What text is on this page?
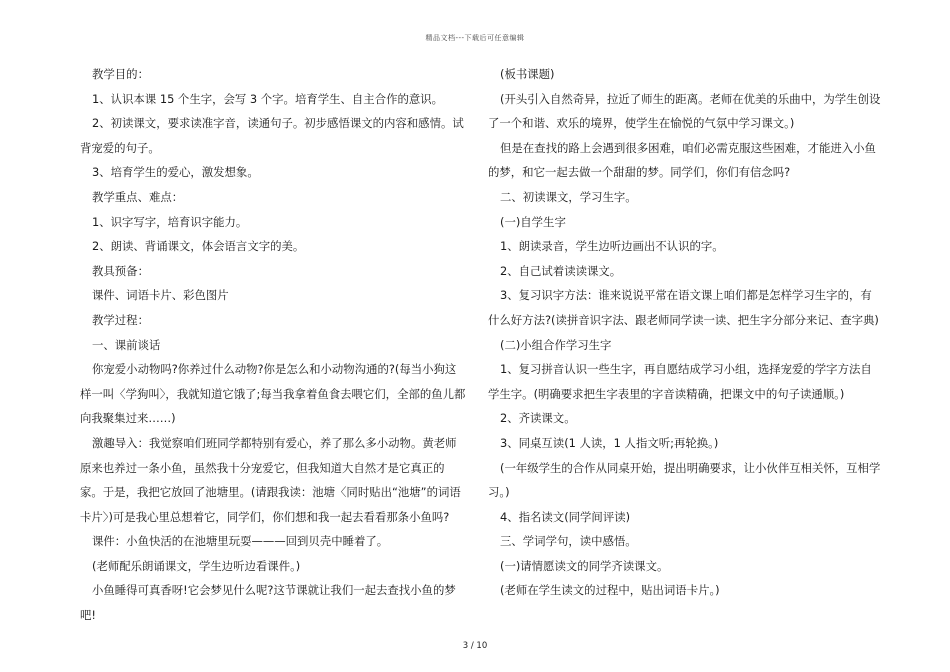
精品文档---下载后可任意编辑

教学目的：

1、认识本课 15 个生字，会写 3 个字。培育学生、自主合作的意识。

2、初读课文，要求读准字音，读通句子。初步感悟课文的内容和感情。试背宠爱的句子。

3、培育学生的爱心，激发想象。

教学重点、难点：

1、识字写字，培育识字能力。

2、朗读、背诵课文，体会语言文字的美。

教具预备：

课件、词语卡片、彩色图片

教学过程：

一、课前谈话

你宠爱小动物吗?你养过什么动物?你是怎么和小动物沟通的?(每当小狗这样一叫〈学狗叫〉，我就知道它饿了;每当我拿着鱼食去喂它们，全部的鱼儿都向我聚集过来……)

激趣导入：我觉察咱们班同学都特别有爱心，养了那么多小动物。黄老师原来也养过一条小鱼，虽然我十分宠爱它，但我知道大自然才是它真正的家。于是，我把它放回了池塘里。(请跟我读：池塘〈同时贴出“池塘”的词语卡片〉)可是我心里总想着它，同学们，你们想和我一起去看看那条小鱼吗?

课件：小鱼快活的在池塘里玩耍———回到贝壳中睡着了。

(老师配乐朗诵课文，学生边听边看课件。)

小鱼睡得可真香呀!它会梦见什么呢?这节课就让我们一起去查找小鱼的梦吧!

(板书课题)

(开头引入自然奇异，拉近了师生的距离。老师在优美的乐曲中，为学生创设了一个和谐、欢乐的境界，使学生在愉悦的气氛中学习课文。)

但是在查找的路上会遇到很多困难，咱们必需克服这些困难，才能进入小鱼的梦，和它一起去做一个甜甜的梦。同学们，你们有信念吗?

二、初读课文，学习生字。

(一)自学生字

1、朗读录音，学生边听边画出不认识的字。

2、自己试着读读课文。

3、复习识字方法：谁来说说平常在语文课上咱们都是怎样学习生字的，有什么好方法?(读拼音识字法、跟老师同学读一读、把生字分部分来记、查字典)

(二)小组合作学习生字

1、复习拼音认识一些生字，再自愿结成学习小组，选择宠爱的学字方法自学生字。(明确要求把生字表里的字音读精确，把课文中的句子读通顺。)

2、齐读课文。

3、同桌互读(1 人读，1 人指文听;再轮换。)

(一年级学生的合作从同桌开始，提出明确要求，让小伙伴互相关怀，互相学习。)

4、指名读文(同学间评读)

三、学词学句，读中感悟。

(一)请情愿读文的同学齐读课文。

(老师在学生读文的过程中，贴出词语卡片。)

3 / 10
